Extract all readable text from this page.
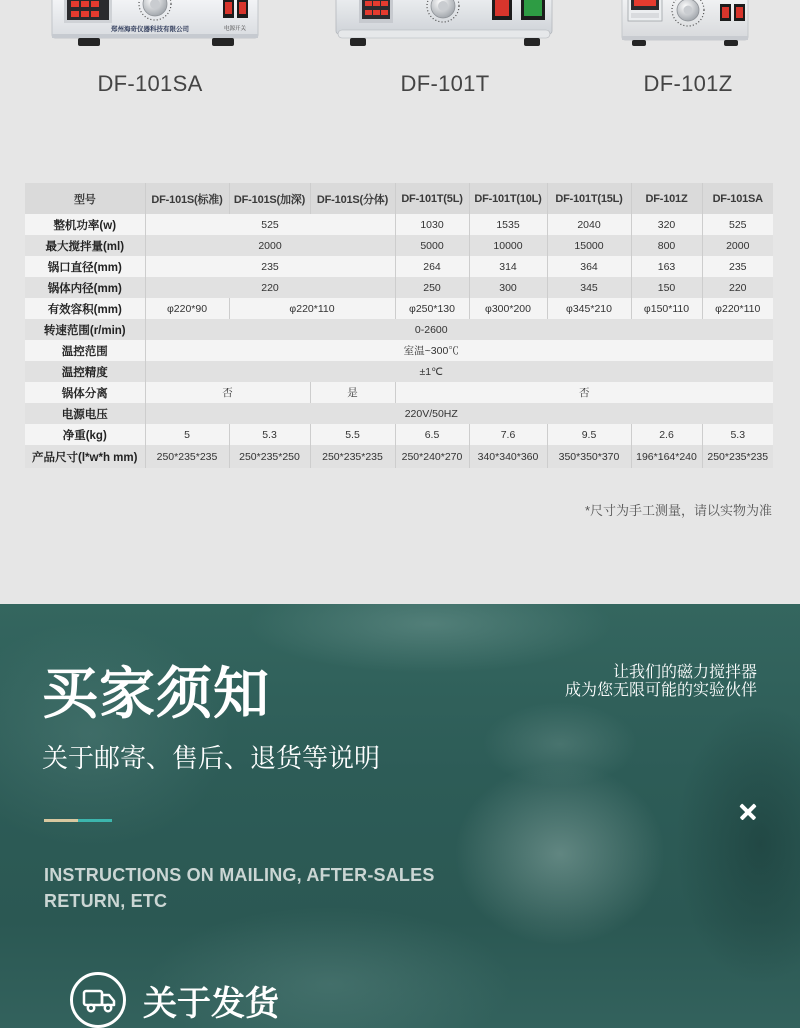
电源开关
郑州海奇仪器科技有限公司
DF-101SA	DF-101T	DF-101Z
型号	DF-101S(标准)	DF-101S(加深)	DF-101S(分体)	DF-101T(5L)	DF-101T(10L)	DF-101T(15L)	DF-101Z	DF-101SA
整机功率(w)	525			1030	1535	2040	320	525
最大搅拌量(ml)	2000			5000	10000	15000	800	2000
锅口直径(mm)	235			264	314	364	163	235
锅体内径(mm)	220			250	300	345	150	220
有效容积(mm)	φ220*90	φ220*110		φ250*130	φ300*200	φ345*210	φ150*110	φ220*110
转速范围(r/min)	0-2600							
温控范围	室温~300℃							
温控精度	±1℃							
锅体分离	否		是	否				
电源电压	220V/50HZ							
净重(kg)	5	5.3	5.5	6.5	7.6	9.5	2.6	5.3
产品尺寸(l*w*h mm)	250*235*235	250*235*250	250*235*235	250*240*270	340*340*360	350*350*370	196*164*240	250*235*235
*尺寸为手工测量，请以实物为准
买家须知	让我们的磁力搅拌器
成为您无限可能的实验伙伴
关于邮寄、售后、退货等说明
INSTRUCTIONS ON MAILING, AFTER-SALES
RETURN, ETC
关于发货
